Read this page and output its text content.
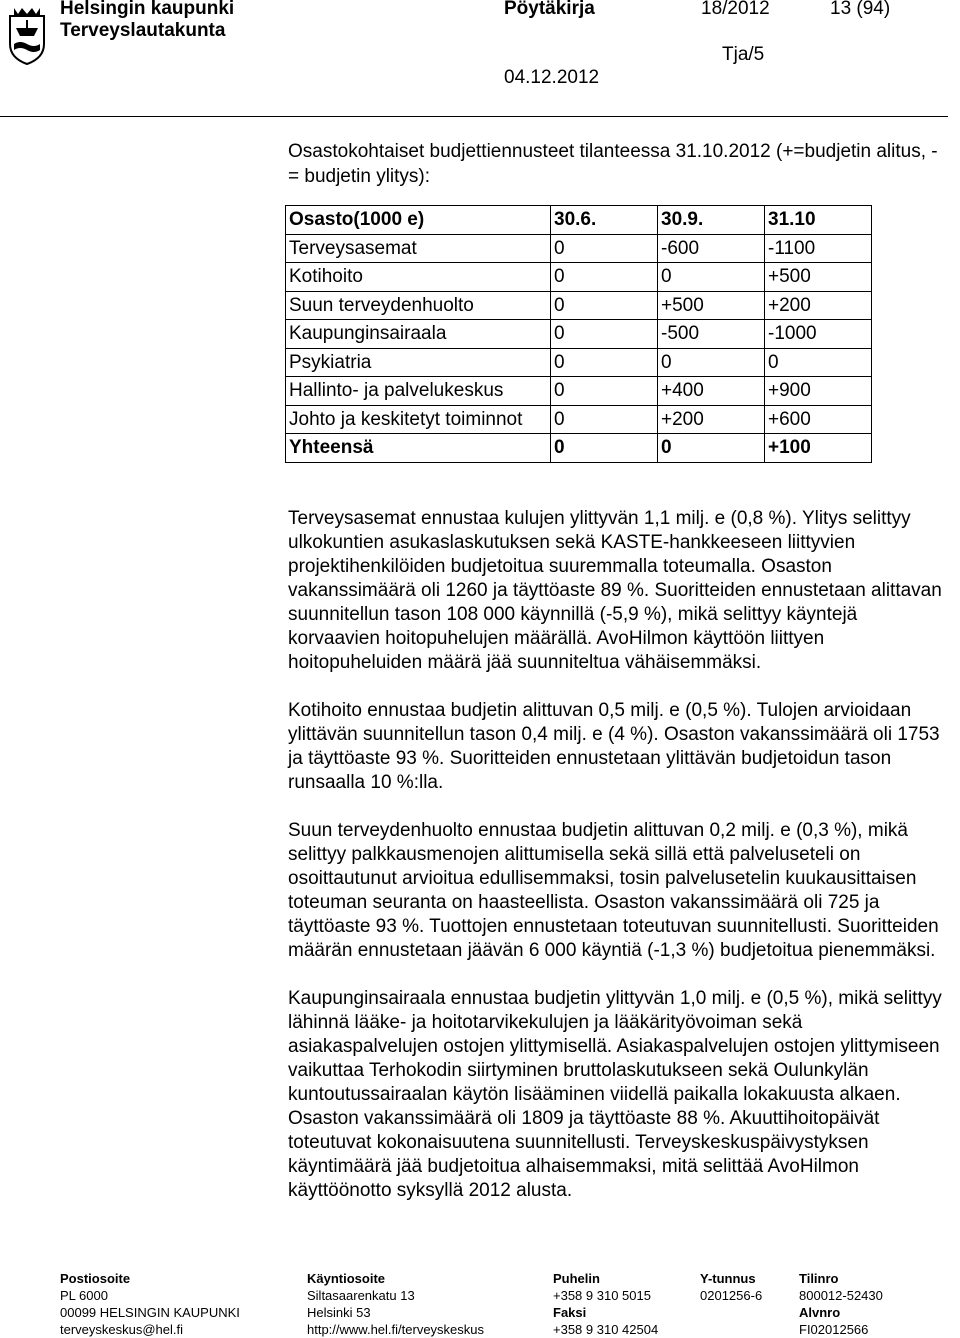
Helsingin kaupunki
Terveyslautakunta
Pöytäkirja	18/2012	13 (94)
Tja/5
04.12.2012
Osastokohtaiset budjettiennusteet tilanteessa 31.10.2012 (+=budjetin alitus, - = budjetin ylitys):
Osasto(1000 e)	30.6.	30.9.	31.10
Terveysasemat	0	-600	-1100
Kotihoito	0	0	+500
Suun terveydenhuolto	0	+500	+200
Kaupunginsairaala	0	-500	-1000
Psykiatria	0	0	0
Hallinto- ja palvelukeskus	0	+400	+900
Johto ja keskitetyt toiminnot	0	+200	+600
Yhteensä	0	0	+100

Terveysasemat ennustaa kulujen ylittyvän 1,1 milj. e (0,8 %). Ylitys selittyy ulkokuntien asukaslaskutuksen sekä KASTE-hankkeeseen liittyvien projektihenkilöiden budjetoitua suuremmalla toteumalla. Osaston vakanssimäärä oli 1260 ja täyttöaste 89 %. Suoritteiden ennustetaan alittavan suunnitellun tason 108 000 käynnillä (-5,9 %), mikä selittyy käyntejä korvaavien hoitopuhelujen määrällä. AvoHilmon käyttöön liittyen hoitopuheluiden määrä jää suunniteltua vähäisemmäksi.

Kotihoito ennustaa budjetin alittuvan 0,5 milj. e (0,5 %). Tulojen arvioidaan ylittävän suunnitellun tason 0,4 milj. e (4 %). Osaston vakanssimäärä oli 1753 ja täyttöaste 93 %. Suoritteiden ennustetaan ylittävän budjetoidun tason runsaalla 10 %:lla.

Suun terveydenhuolto ennustaa budjetin alittuvan 0,2 milj. e (0,3 %), mikä selittyy palkkausmenojen alittumisella sekä sillä että palveluseteli on osoittautunut arvioitua edullisemmaksi, tosin palvelusetelin kuukausittaisen toteuman seuranta on haasteellista. Osaston vakanssimäärä oli 725 ja täyttöaste 93 %. Tuottojen ennustetaan toteutuvan suunnitellusti. Suoritteiden määrän ennustetaan jäävän 6 000 käyntiä (-1,3 %) budjetoitua pienemmäksi.

Kaupunginsairaala ennustaa budjetin ylittyvän 1,0 milj. e (0,5 %), mikä selittyy lähinnä lääke- ja hoitotarvikekulujen ja lääkärityövoiman sekä asiakaspalvelujen ostojen ylittymisellä. Asiakaspalvelujen ostojen ylittymiseen vaikuttaa Terhokodin siirtyminen bruttolaskutukseen sekä Oulunkylän kuntoutussairaalan käytön lisääminen viidellä paikalla lokakuusta alkaen. Osaston vakanssimäärä oli 1809 ja täyttöaste 88 %. Akuuttihoitopäivät toteutuvat kokonaisuutena suunnitellusti. Terveyskeskuspäivystyksen käyntimäärä jää budjetoitua alhaisemmaksi, mitä selittää AvoHilmon käyttöönotto syksyllä 2012 alusta.

Postiosoite
PL 6000
00099 HELSINGIN KAUPUNKI
terveyskeskus@hel.fi
Käyntiosoite
Siltasaarenkatu 13
Helsinki 53
http://www.hel.fi/terveyskeskus
Puhelin
+358 9 310 5015
Faksi
+358 9 310 42504
Y-tunnus
0201256-6
Tilinro
800012-52430
Alvnro
FI02012566
